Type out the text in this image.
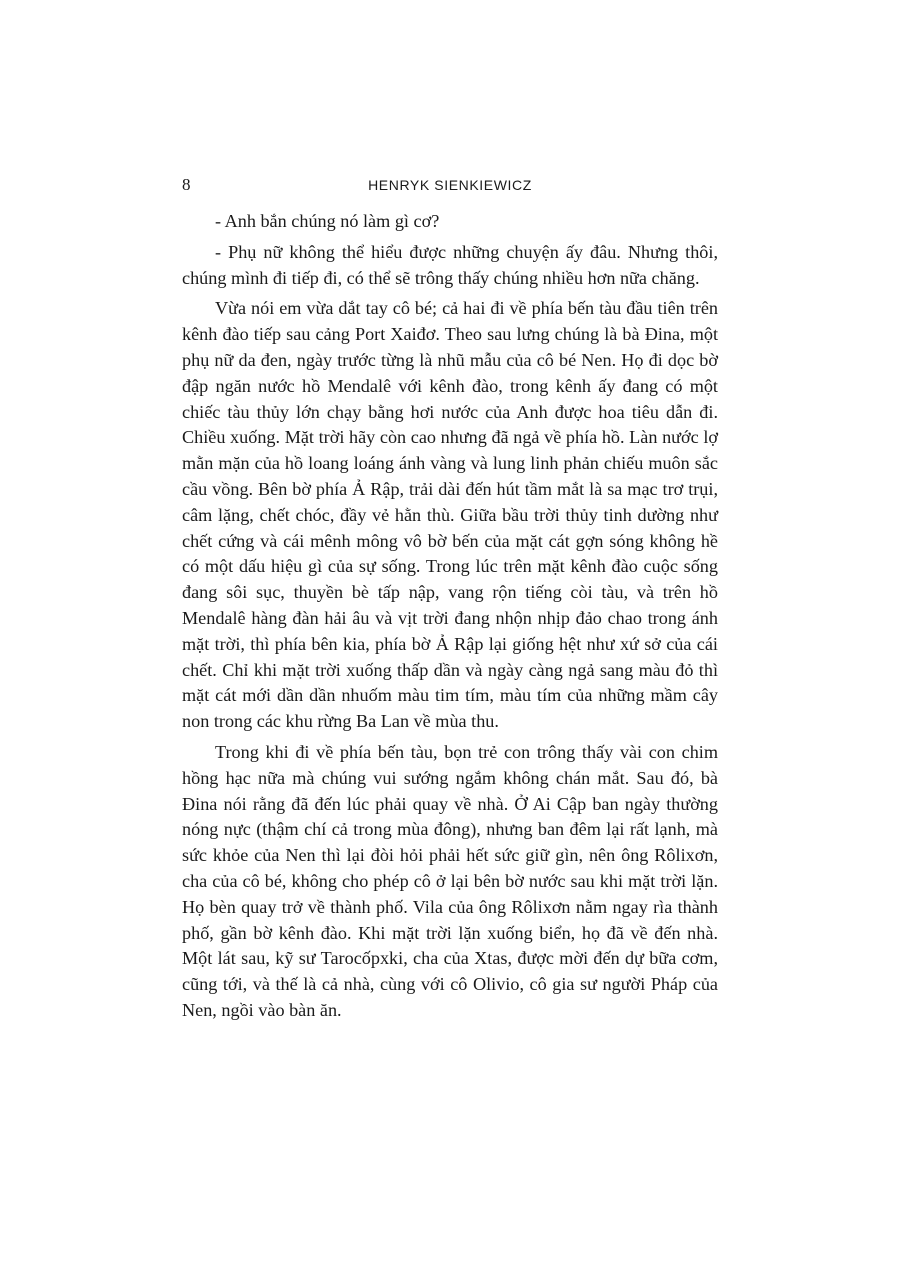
8	HENRYK SIENKIEWICZ

- Anh bắn chúng nó làm gì cơ?

- Phụ nữ không thể hiểu được những chuyện ấy đâu. Nhưng thôi, chúng mình đi tiếp đi, có thể sẽ trông thấy chúng nhiều hơn nữa chăng.

Vừa nói em vừa dắt tay cô bé; cả hai đi về phía bến tàu đầu tiên trên kênh đào tiếp sau cảng Port Xaiđơ. Theo sau lưng chúng là bà Đina, một phụ nữ da đen, ngày trước từng là nhũ mẫu của cô bé Nen. Họ đi dọc bờ đập ngăn nước hồ Mendalê với kênh đào, trong kênh ấy đang có một chiếc tàu thủy lớn chạy bằng hơi nước của Anh được hoa tiêu dẫn đi. Chiều xuống. Mặt trời hãy còn cao nhưng đã ngả về phía hồ. Làn nước lợ mằn mặn của hồ loang loáng ánh vàng và lung linh phản chiếu muôn sắc cầu vồng. Bên bờ phía Ả Rập, trải dài đến hút tầm mắt là sa mạc trơ trụi, câm lặng, chết chóc, đầy vẻ hằn thù. Giữa bầu trời thủy tinh dường như chết cứng và cái mênh mông vô bờ bến của mặt cát gợn sóng không hề có một dấu hiệu gì của sự sống. Trong lúc trên mặt kênh đào cuộc sống đang sôi sục, thuyền bè tấp nập, vang rộn tiếng còi tàu, và trên hồ Mendalê hàng đàn hải âu và vịt trời đang nhộn nhịp đảo chao trong ánh mặt trời, thì phía bên kia, phía bờ Ả Rập lại giống hệt như xứ sở của cái chết. Chỉ khi mặt trời xuống thấp dần và ngày càng ngả sang màu đỏ thì mặt cát mới dần dần nhuốm màu tim tím, màu tím của những mầm cây non trong các khu rừng Ba Lan về mùa thu.

Trong khi đi về phía bến tàu, bọn trẻ con trông thấy vài con chim hồng hạc nữa mà chúng vui sướng ngắm không chán mắt. Sau đó, bà Đina nói rằng đã đến lúc phải quay về nhà. Ở Ai Cập ban ngày thường nóng nực (thậm chí cả trong mùa đông), nhưng ban đêm lại rất lạnh, mà sức khỏe của Nen thì lại đòi hỏi phải hết sức giữ gìn, nên ông Rôlixơn, cha của cô bé, không cho phép cô ở lại bên bờ nước sau khi mặt trời lặn. Họ bèn quay trở về thành phố. Vila của ông Rôlixơn nằm ngay rìa thành phố, gần bờ kênh đào. Khi mặt trời lặn xuống biển, họ đã về đến nhà. Một lát sau, kỹ sư Tarocốpxki, cha của Xtas, được mời đến dự bữa cơm, cũng tới, và thế là cả nhà, cùng với cô Olivio, cô gia sư người Pháp của Nen, ngồi vào bàn ăn.
